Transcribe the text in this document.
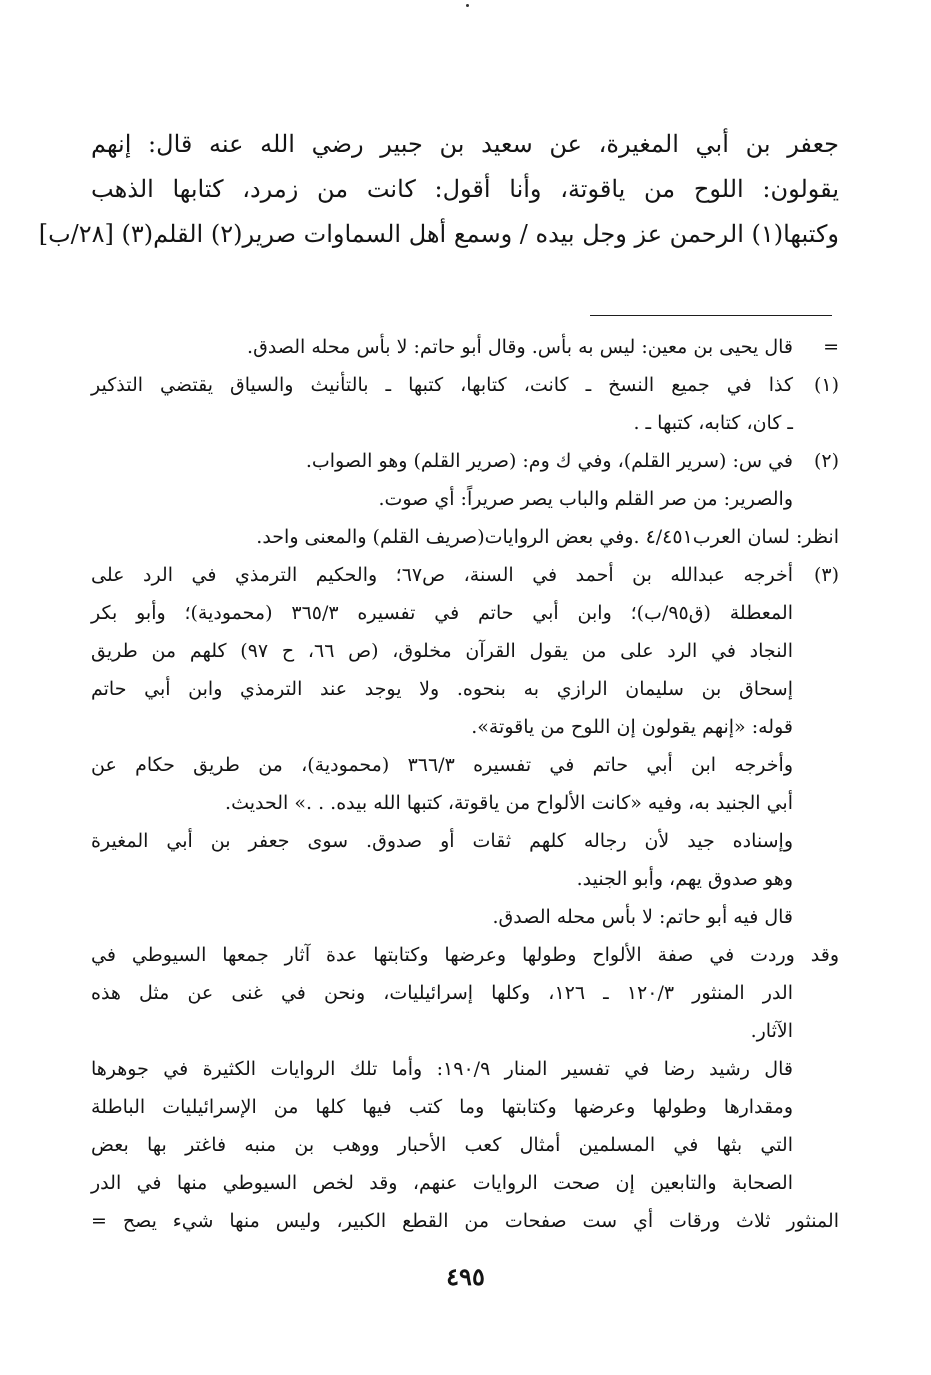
جعفر بن أبي المغيرة، عن سعيد بن جبير رضي الله عنه قال: إنهم
يقولون: اللوح من ياقوتة، وأنا أقول: كانت من زمرد، كتابها الذهب
وكتبها(١) الرحمن عز وجل بيده / وسمع أهل السماوات صرير(٢) القلم(٣) [٢٨/ب]
=
قال يحيى بن معين: ليس به بأس. وقال أبو حاتم: لا بأس محله الصدق.
(١)
كذا في جميع النسخ ـ كانت، كتابها، كتبها ـ بالتأنيث والسياق يقتضي التذكير
ـ كان، كتابه، كتبها ـ .
(٢)
في س: (سرير القلم)، وفي ك وم: (صرير القلم) وهو الصواب.
والصرير: من صر القلم والباب يصر صريراً: أي صوت.
انظر: لسان العرب٤/٤٥١ .وفي بعض الروايات(صريف القلم) والمعنى واحد.
(٣)
أخرجه عبدالله بن أحمد في السنة، ص٦٧؛ والحكيم الترمذي في الرد على
المعطلة (ق٩٥/ب)؛ وابن أبي حاتم في تفسيره ٣٦٥/٣ (محمودية)؛ وأبو بكر
النجاد في الرد على من يقول القرآن مخلوق، (ص ٦٦، ح ٩٧) كلهم من طريق
إسحاق بن سليمان الرازي به بنحوه. ولا يوجد عند الترمذي وابن أبي حاتم
قوله: «إنهم يقولون إن اللوح من ياقوتة».
وأخرجه ابن أبي حاتم في تفسيره ٣٦٦/٣ (محمودية)، من طريق حكام عن
أبي الجنيد به، وفيه «كانت الألواح من ياقوتة، كتبها الله بيده. . .» الحديث.
وإسناده جيد لأن رجاله كلهم ثقات أو صدوق. سوى جعفر بن أبي المغيرة
وهو صدوق يهم، وأبو الجنيد.
قال فيه أبو حاتم: لا بأس محله الصدق.
وقد وردت في صفة الألواح وطولها وعرضها وكتابتها عدة آثار جمعها السيوطي في
الدر المنثور ١٢٠/٣ ـ ١٢٦، وكلها إسرائيليات، ونحن في غنى عن مثل هذه
الآثار.
قال رشيد رضا في تفسير المنار ١٩٠/٩: وأما تلك الروايات الكثيرة في جوهرها
ومقدارها وطولها وعرضها وكتابتها وما كتب فيها كلها من الإسرائيليات الباطلة
التي بثها في المسلمين أمثال كعب الأحبار ووهب بن منبه فاغتر بها بعض
الصحابة والتابعين إن صحت الروايات عنهم، وقد لخص السيوطي منها في الدر
المنثور ثلاث ورقات أي ست صفحات من القطع الكبير، وليس منها شيء يصح =
٤٩٥
